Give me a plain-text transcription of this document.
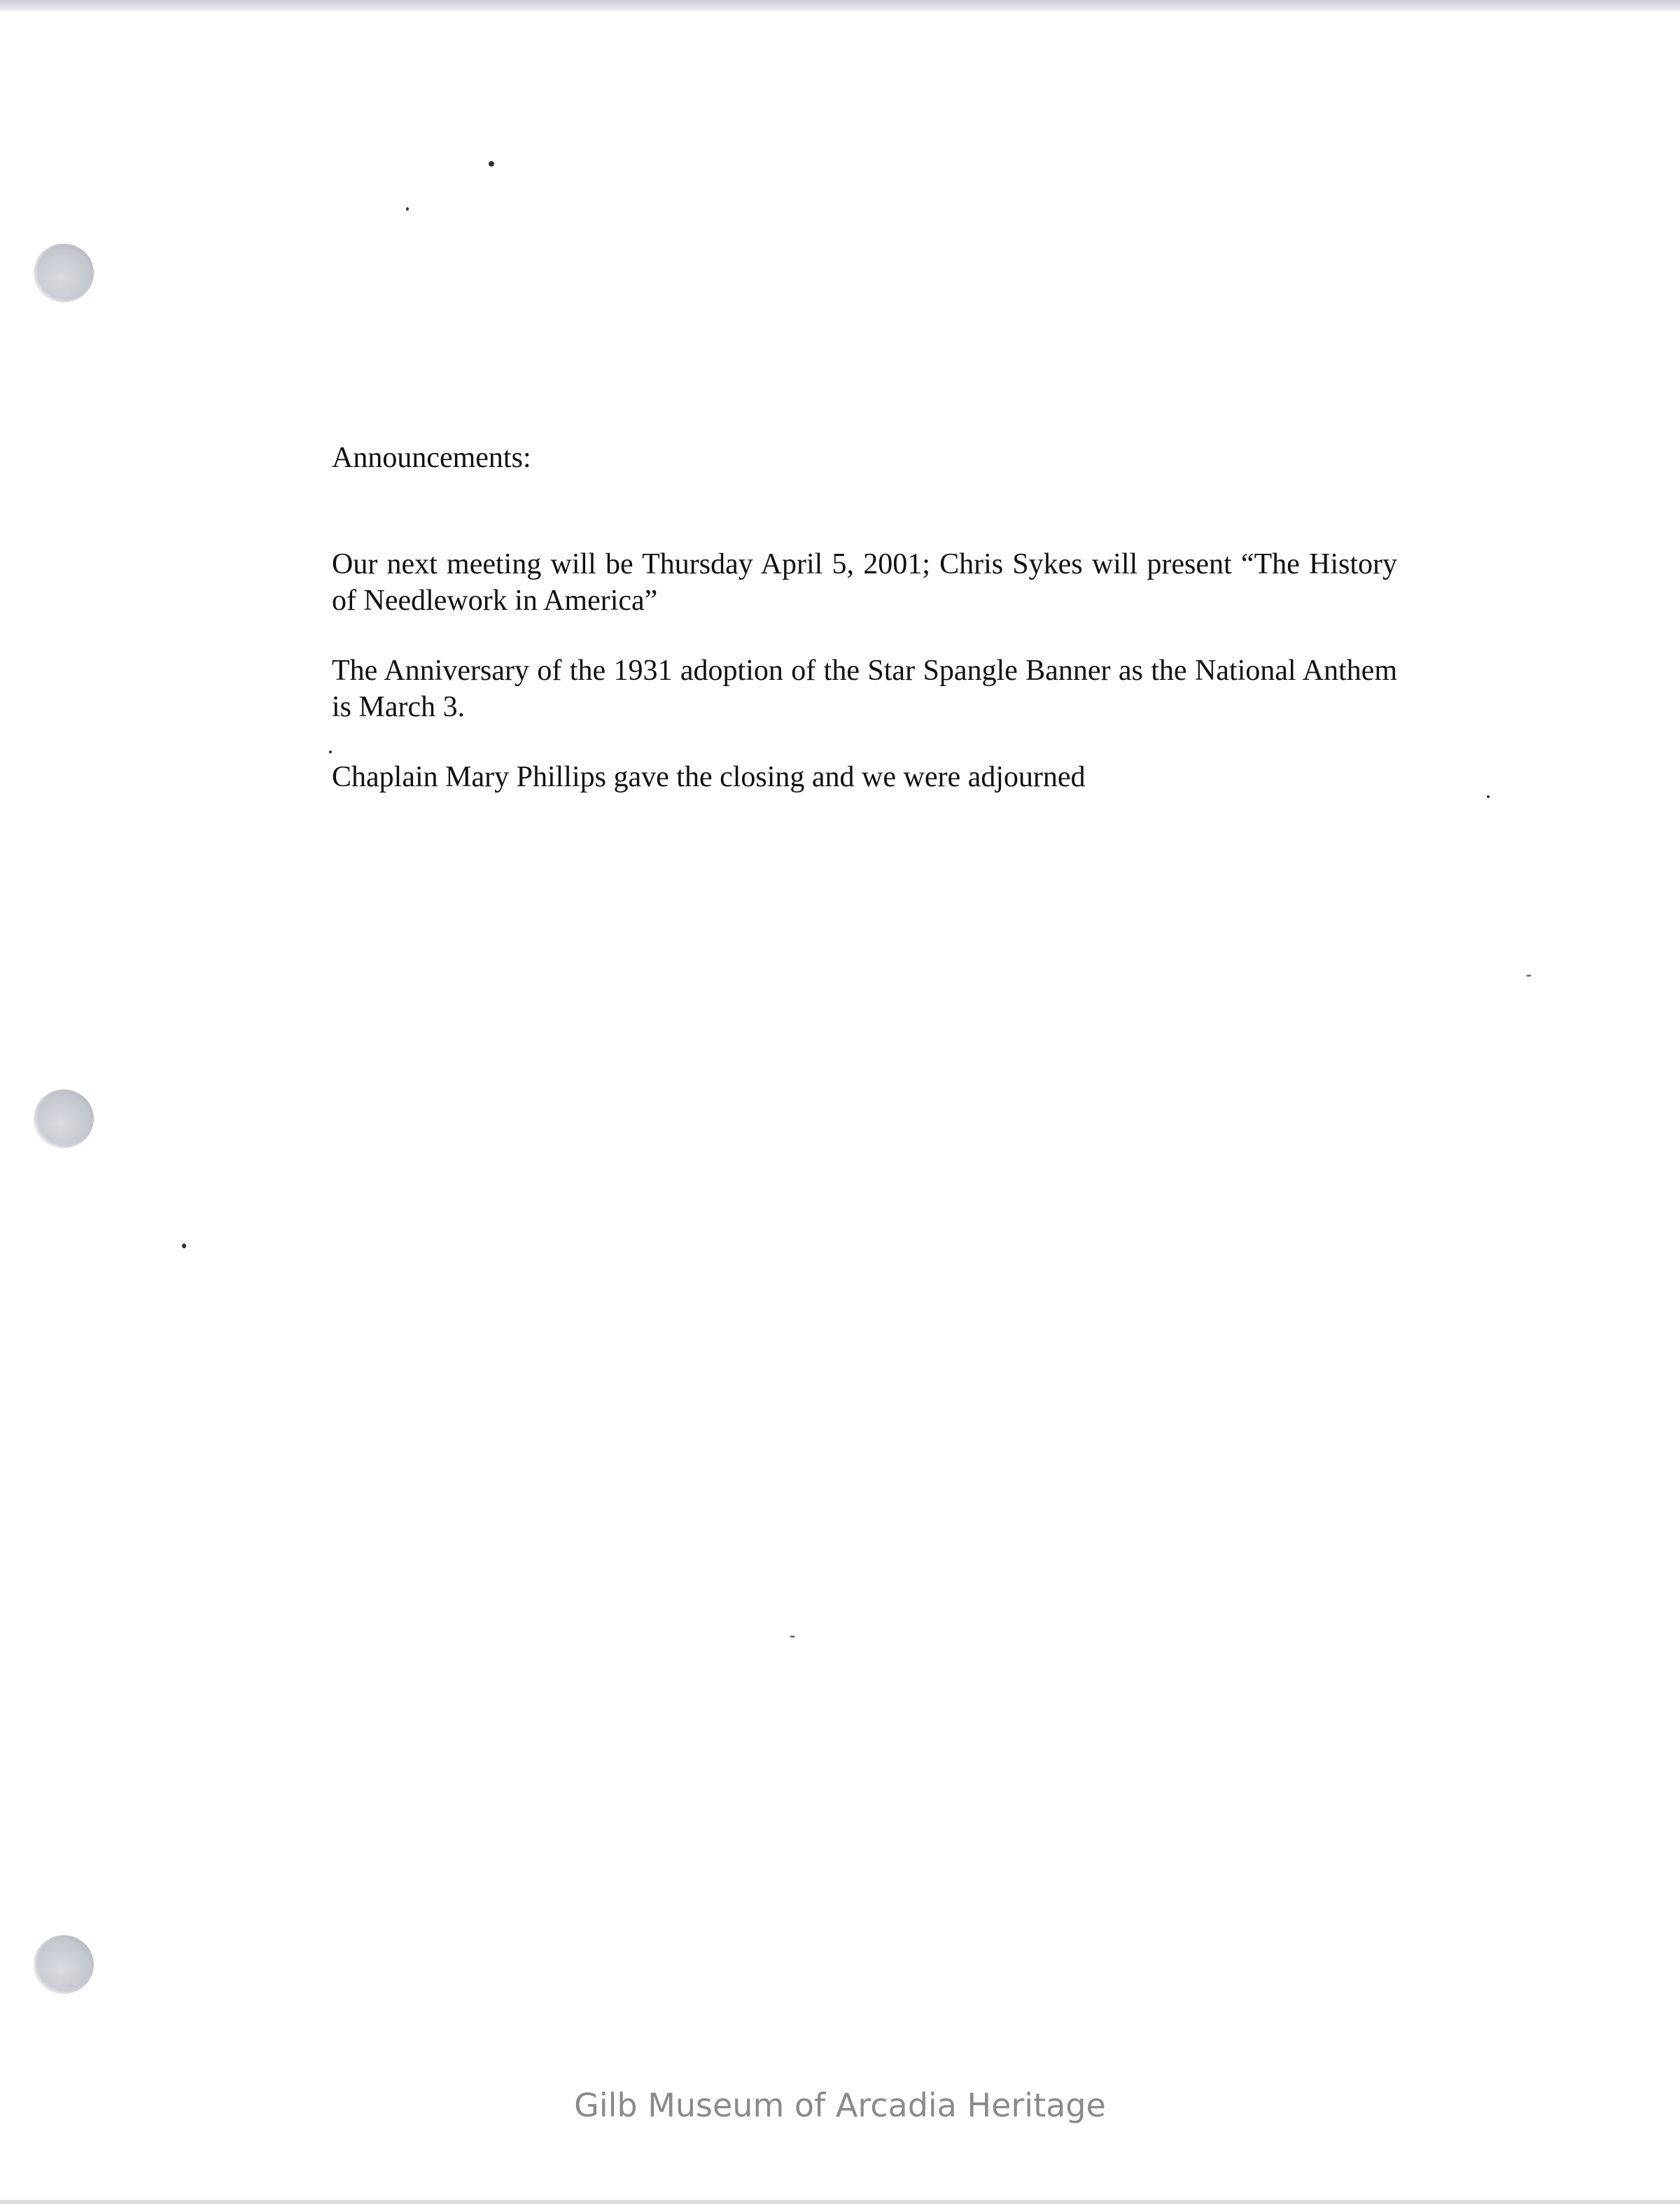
Announcements:

Our next meeting will be Thursday April 5, 2001; Chris Sykes will present “The History of Needlework in America”

The Anniversary of the 1931 adoption of the Star Spangle Banner as the National Anthem is March 3.

Chaplain Mary Phillips gave the closing and we were adjourned

Gilb Museum of Arcadia Heritage
